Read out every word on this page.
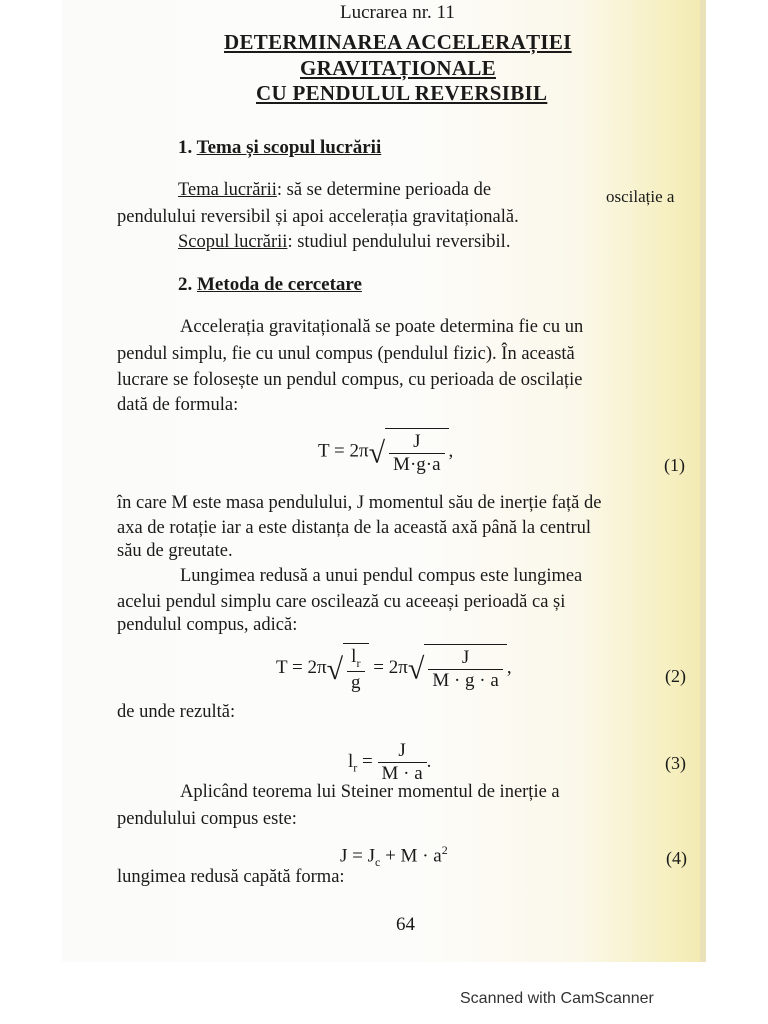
Lucrarea nr. 11
DETERMINAREA ACCELERAȚIEI
GRAVITAȚIONALE
CU PENDULUL REVERSIBIL
1. Tema și scopul lucrării
Tema lucrării: să se determine perioada de	oscilație a
pendulului reversibil și apoi accelerația gravitațională.
Scopul lucrării: studiul pendulului reversibil.
2. Metoda de cercetare
Accelerația gravitațională se poate determina fie cu un
pendul simplu, fie cu unul compus (pendulul fizic). În această
lucrare se folosește un pendul compus, cu perioada de oscilație
dată de formula:
$T = 2\pi√ \frac{J}{M\cdot g\cdot a}$ ,
(1)
în care M este masa pendulului, J momentul său de inerție față de
axa de rotație iar a este distanța de la această axă până la centrul
său de greutate.
Lungimea redusă a unui pendul compus este lungimea
acelui pendul simplu care oscilează cu aceeași perioadă ca și
pendulul compus, adică:
$T = 2\pi√ \frac{l_r}{g} = 2\pi√ \frac{J}{M \cdot g \cdot a}$ ,	(2)
de unde rezultă:
$l_r = \frac{J}{M \cdot a}$ .	(3)
Aplicând teorema lui Steiner momentul de inerție a
pendulului compus este:
$J = J_c + M \cdot a^2$	(4)
lungimea redusă capătă forma:
64
Scanned with CamScanner
